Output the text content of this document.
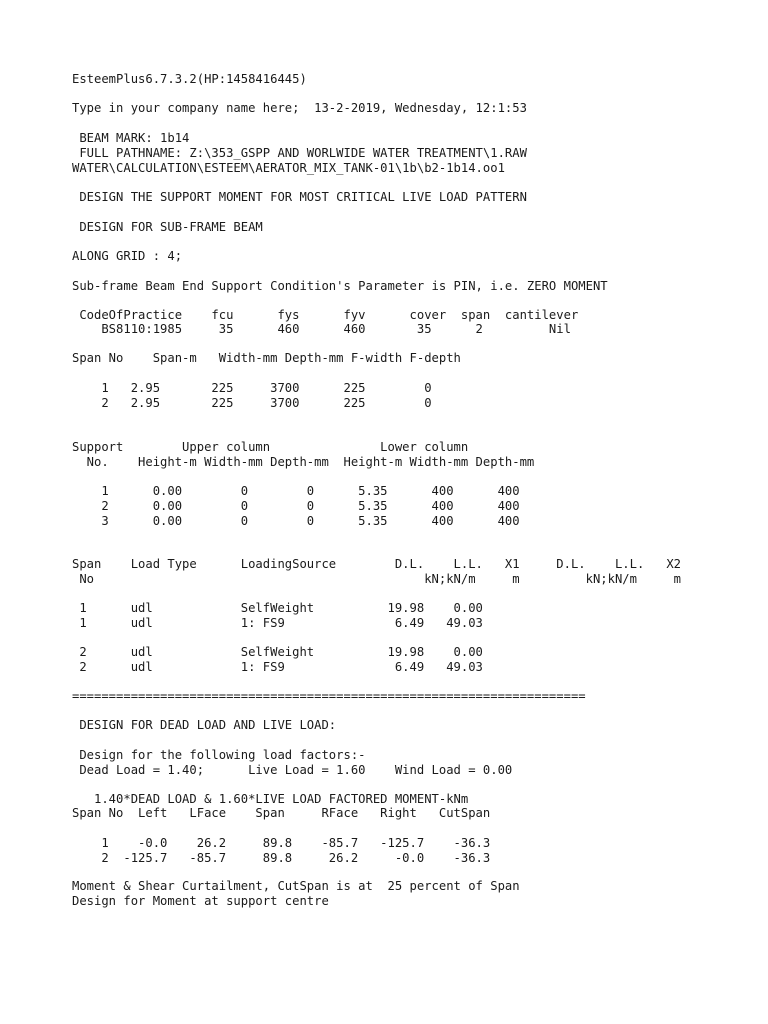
EsteemPlus6.7.3.2(HP:1458416445)

Type in your company name here;  13-2-2019, Wednesday, 12:1:53

BEAM MARK: 1b14

FULL PATHNAME: Z:\353_GSPP AND WORLWIDE WATER TREATMENT\1.RAW

WATER\CALCULATION\ESTEEM\AERATOR_MIX_TANK-01\1b\b2-1b14.oo1

DESIGN THE SUPPORT MOMENT FOR MOST CRITICAL LIVE LOAD PATTERN

DESIGN FOR SUB-FRAME BEAM

ALONG GRID : 4;

Sub-frame Beam End Support Condition's Parameter is PIN, i.e. ZERO MOMENT

CodeOfPractice    fcu      fys      fyv      cover  span  cantilever

BS8110:1985     35      460      460       35      2         Nil

Span No    Span-m   Width-mm Depth-mm F-width F-depth

1   2.95       225     3700      225        0

2   2.95       225     3700      225        0

Support        Upper column               Lower column

No.    Height-m Width-mm Depth-mm  Height-m Width-mm Depth-mm

1      0.00        0        0      5.35      400      400

2      0.00        0        0      5.35      400      400

3      0.00        0        0      5.35      400      400

Span    Load Type      LoadingSource        D.L.    L.L.   X1     D.L.    L.L.   X2

No                                             kN;kN/m     m         kN;kN/m     m

1      udl            SelfWeight          19.98    0.00

1      udl            1: FS9               6.49   49.03

2      udl            SelfWeight          19.98    0.00

2      udl            1: FS9               6.49   49.03

======================================================================

DESIGN FOR DEAD LOAD AND LIVE LOAD:

Design for the following load factors:-

Dead Load = 1.40;      Live Load = 1.60    Wind Load = 0.00

1.40*DEAD LOAD & 1.60*LIVE LOAD FACTORED MOMENT-kNm

Span No  Left   LFace    Span     RFace   Right   CutSpan

1    -0.0    26.2     89.8    -85.7   -125.7    -36.3

2  -125.7   -85.7     89.8     26.2     -0.0    -36.3

Moment & Shear Curtailment, CutSpan is at  25 percent of Span

Design for Moment at support centre
